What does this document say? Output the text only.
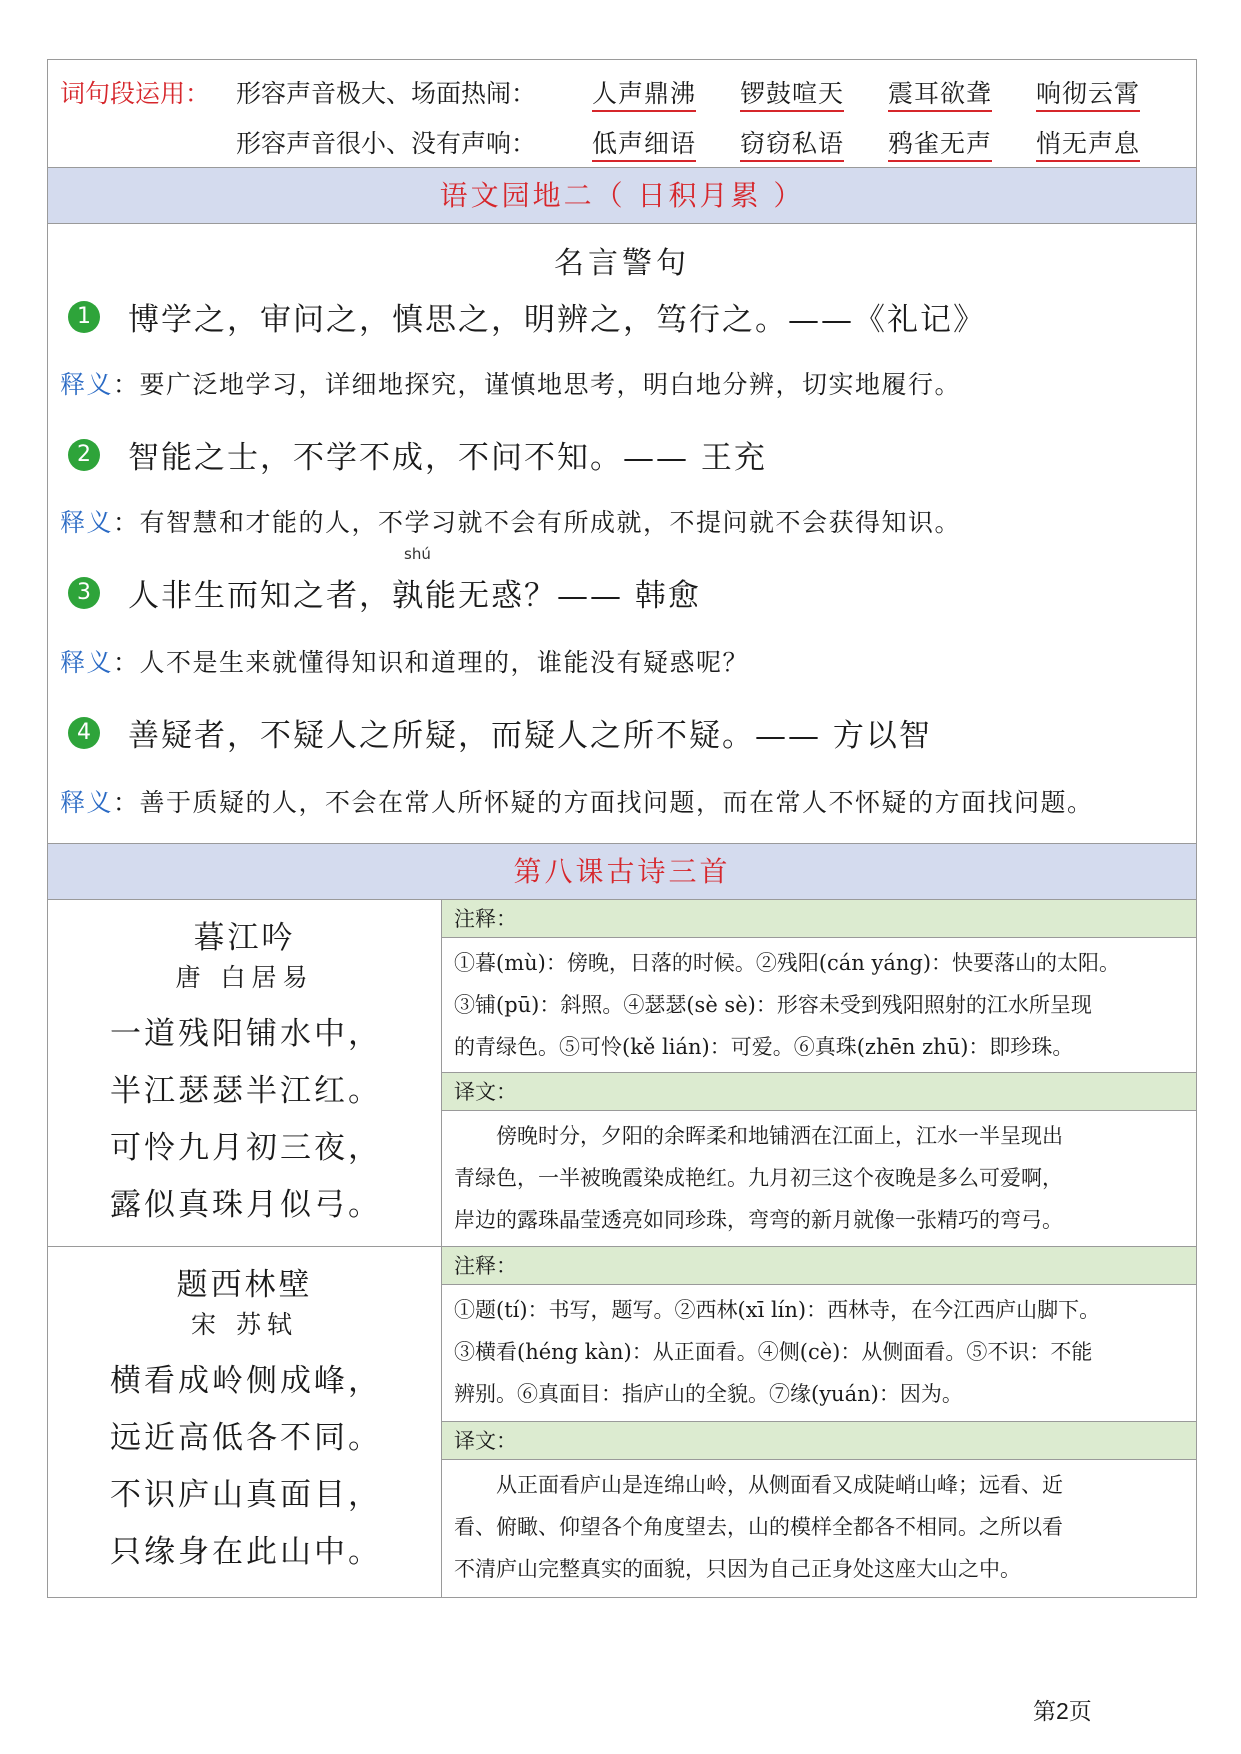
词句段运用： 形容声音极大、场面热闹：	人声鼎沸	锣鼓喧天	震耳欲聋	响彻云霄
形容声音很小、没有声响：	低声细语	窃窃私语	鸦雀无声	悄无声息
语文园地二（ 日积月累 ）
名言警句
1 博学之，审问之，慎思之，明辨之，笃行之。——《礼记》
释义：要广泛地学习，详细地探究，谨慎地思考，明白地分辨，切实地履行。
2 智能之士，不学不成，不问不知。—— 王充
释义：有智慧和才能的人，不学习就不会有所成就，不提问就不会获得知识。
shú
3 人非生而知之者，孰能无惑？—— 韩愈
释义：人不是生来就懂得知识和道理的，谁能没有疑惑呢？
4 善疑者，不疑人之所疑，而疑人之所不疑。—— 方以智
释义：善于质疑的人，不会在常人所怀疑的方面找问题，而在常人不怀疑的方面找问题。
第八课古诗三首
暮江吟
唐 白居易
一道残阳铺水中，
半江瑟瑟半江红。
可怜九月初三夜，
露似真珠月似弓。
注释：
①暮(mù)：傍晚，日落的时候。②残阳(cán yáng)：快要落山的太阳。
③铺(pū)：斜照。④瑟瑟(sè sè)：形容未受到残阳照射的江水所呈现
的青绿色。⑤可怜(kě lián)：可爱。⑥真珠(zhēn zhū)：即珍珠。
译文：
傍晚时分，夕阳的余晖柔和地铺洒在江面上，江水一半呈现出
青绿色，一半被晚霞染成艳红。九月初三这个夜晚是多么可爱啊，
岸边的露珠晶莹透亮如同珍珠，弯弯的新月就像一张精巧的弯弓。
题西林壁
宋 苏轼
横看成岭侧成峰，
远近高低各不同。
不识庐山真面目，
只缘身在此山中。
注释：
①题(tí)：书写，题写。②西林(xī lín)：西林寺，在今江西庐山脚下。
③横看(héng kàn)：从正面看。④侧(cè)：从侧面看。⑤不识：不能
辨别。⑥真面目：指庐山的全貌。⑦缘(yuán)：因为。
译文：
从正面看庐山是连绵山岭，从侧面看又成陡峭山峰；远看、近
看、俯瞰、仰望各个角度望去，山的模样全都各不相同。之所以看
不清庐山完整真实的面貌，只因为自己正身处这座大山之中。
第2页
